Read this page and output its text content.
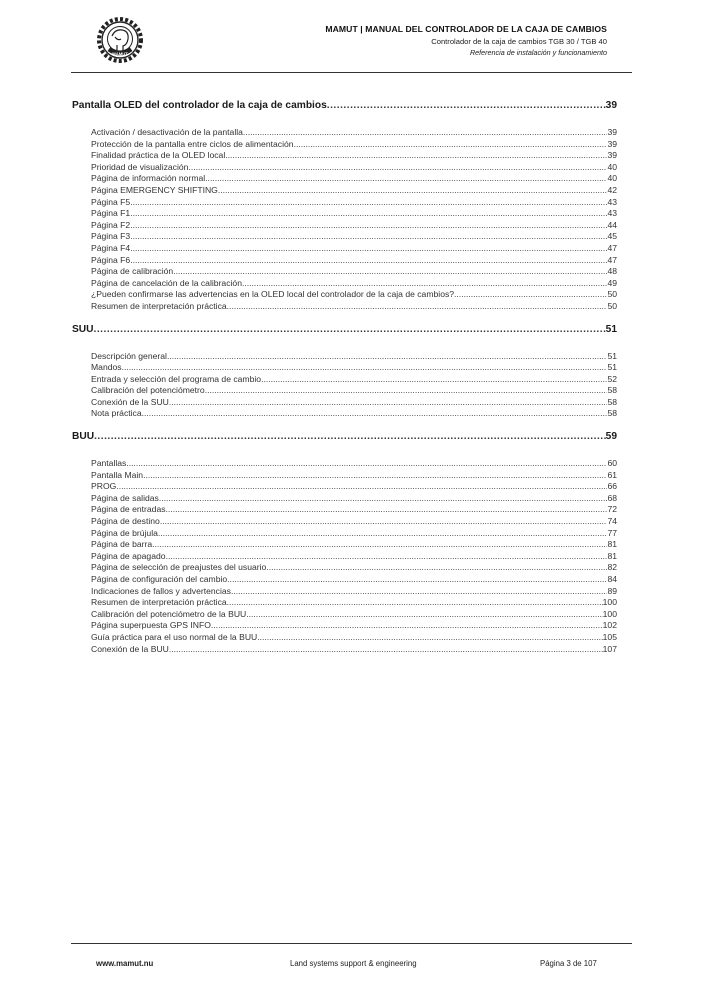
MAMUT
MAMUT | MANUAL DEL CONTROLADOR DE LA CAJA DE CAMBIOS
Controlador de la caja de cambios TGB 30 / TGB 40
Referencia de instalación y funcionamiento
Pantalla OLED del controlador de la caja de cambios .....	39
Activación / desactivación de la pantalla .....	39
Protección de la pantalla entre ciclos de alimentación .....	39
Finalidad práctica de la OLED local .....	39
Prioridad de visualización .....	40
Página de información normal .....	40
Página EMERGENCY SHIFTING .....	42
Página F5 .....	43
Página F1 .....	43
Página F2 .....	44
Página F3 .....	45
Página F4 .....	47
Página F6 .....	47
Página de calibración .....	48
Página de cancelación de la calibración .....	49
¿Pueden confirmarse las advertencias en la OLED local del controlador de la caja de cambios? .....	50
Resumen de interpretación práctica .....	50
SUU .....	51
Descripción general .....	51
Mandos .....	51
Entrada y selección del programa de cambio .....	52
Calibración del potenciómetro .....	58
Conexión de la SUU .....	58
Nota práctica .....	58
BUU .....	59
Pantallas .....	60
Pantalla Main .....	61
PROG .....	66
Página de salidas .....	68
Página de entradas .....	72
Página de destino .....	74
Página de brújula .....	77
Página de barra .....	81
Página de apagado .....	81
Página de selección de preajustes del usuario .....	82
Página de configuración del cambio .....	84
Indicaciones de fallos y advertencias .....	89
Resumen de interpretación práctica .....	100
Calibración del potenciómetro de la BUU .....	100
Página superpuesta GPS INFO .....	102
Guía práctica para el uso normal de la BUU .....	105
Conexión de la BUU .....	107
www.mamut.nu	Land systems support & engineering	Página 3 de 107
